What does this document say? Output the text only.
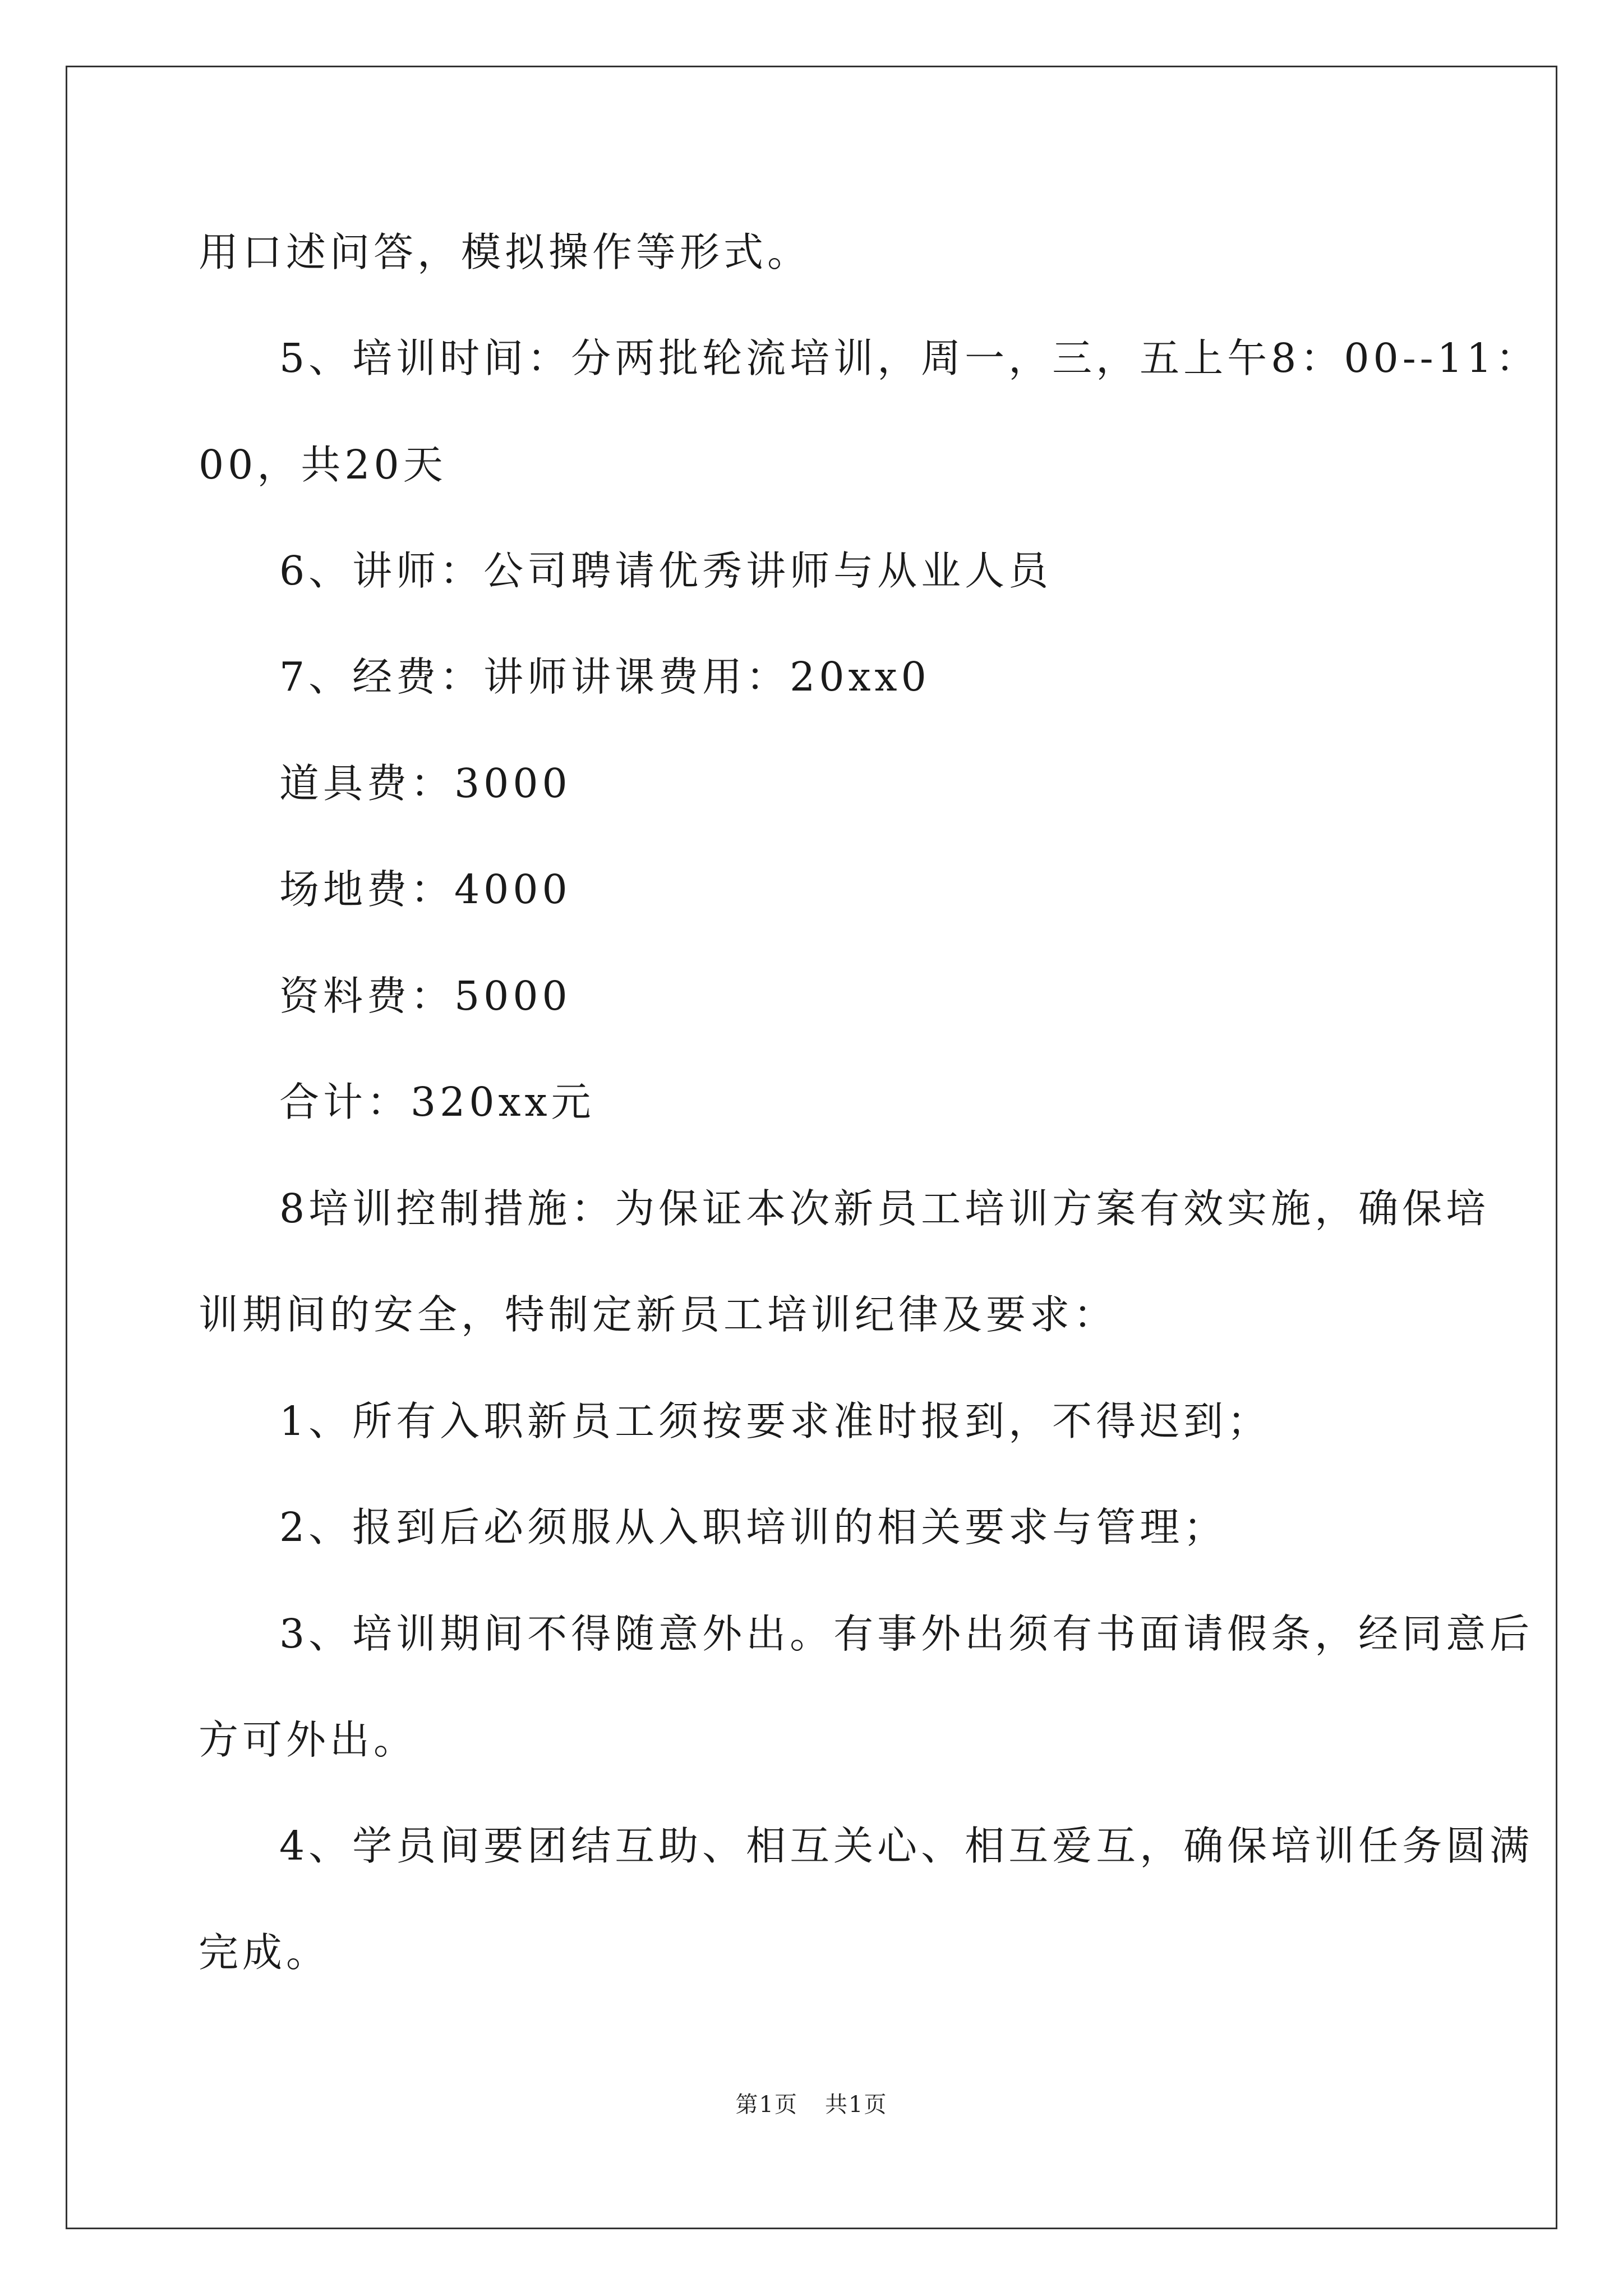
用口述问答，模拟操作等形式。
5、培训时间：分两批轮流培训，周一，三，五上午8：00--11：
00，共20天
6、讲师：公司聘请优秀讲师与从业人员
7、经费：讲师讲课费用：20xx0
道具费：3000
场地费：4000
资料费：5000
合计：320xx元
8培训控制措施：为保证本次新员工培训方案有效实施，确保培
训期间的安全，特制定新员工培训纪律及要求：
1、所有入职新员工须按要求准时报到，不得迟到；
2、报到后必须服从入职培训的相关要求与管理；
3、培训期间不得随意外出。有事外出须有书面请假条，经同意后
方可外出。
4、学员间要团结互助、相互关心、相互爱互，确保培训任务圆满
完成。
第1页 共1页
